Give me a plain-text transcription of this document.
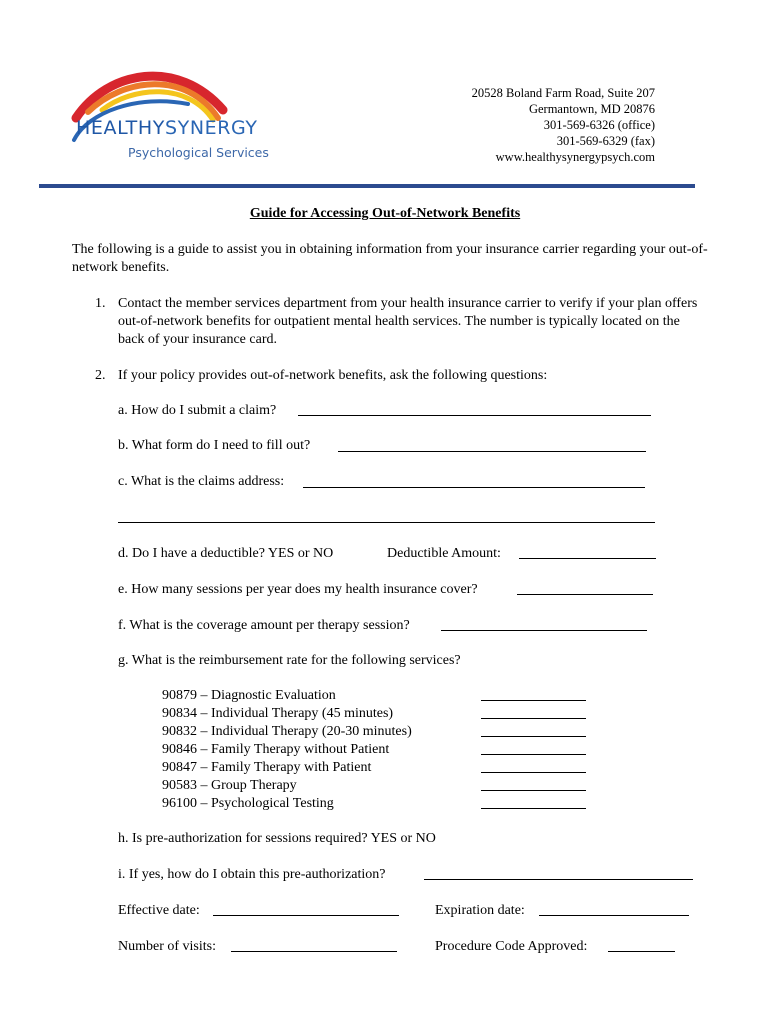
HEALTHYSYNERGY
Psychological Services
20528 Boland Farm Road, Suite 207
Germantown, MD 20876
301-569-6326 (office)
301-569-6329 (fax)
www.healthysynergypsych.com
Guide for Accessing Out-of-Network Benefits
The following is a guide to assist you in obtaining information from your insurance carrier regarding your out-of-network benefits.
1. Contact the member services department from your health insurance carrier to verify if your plan offers out-of-network benefits for outpatient mental health services. The number is typically located on the back of your insurance card.
2. If your policy provides out-of-network benefits, ask the following questions:
a. How do I submit a claim?
b. What form do I need to fill out?
c. What is the claims address:
d. Do I have a deductible? YES or NO	Deductible Amount:
e. How many sessions per year does my health insurance cover?
f. What is the coverage amount per therapy session?
g. What is the reimbursement rate for the following services?
90879 – Diagnostic Evaluation
90834 – Individual Therapy (45 minutes)
90832 – Individual Therapy (20-30 minutes)
90846 – Family Therapy without Patient
90847 – Family Therapy with Patient
90583 – Group Therapy
96100 – Psychological Testing
h. Is pre-authorization for sessions required? YES or NO
i. If yes, how do I obtain this pre-authorization?
Effective date:	Expiration date:
Number of visits:	Procedure Code Approved:
